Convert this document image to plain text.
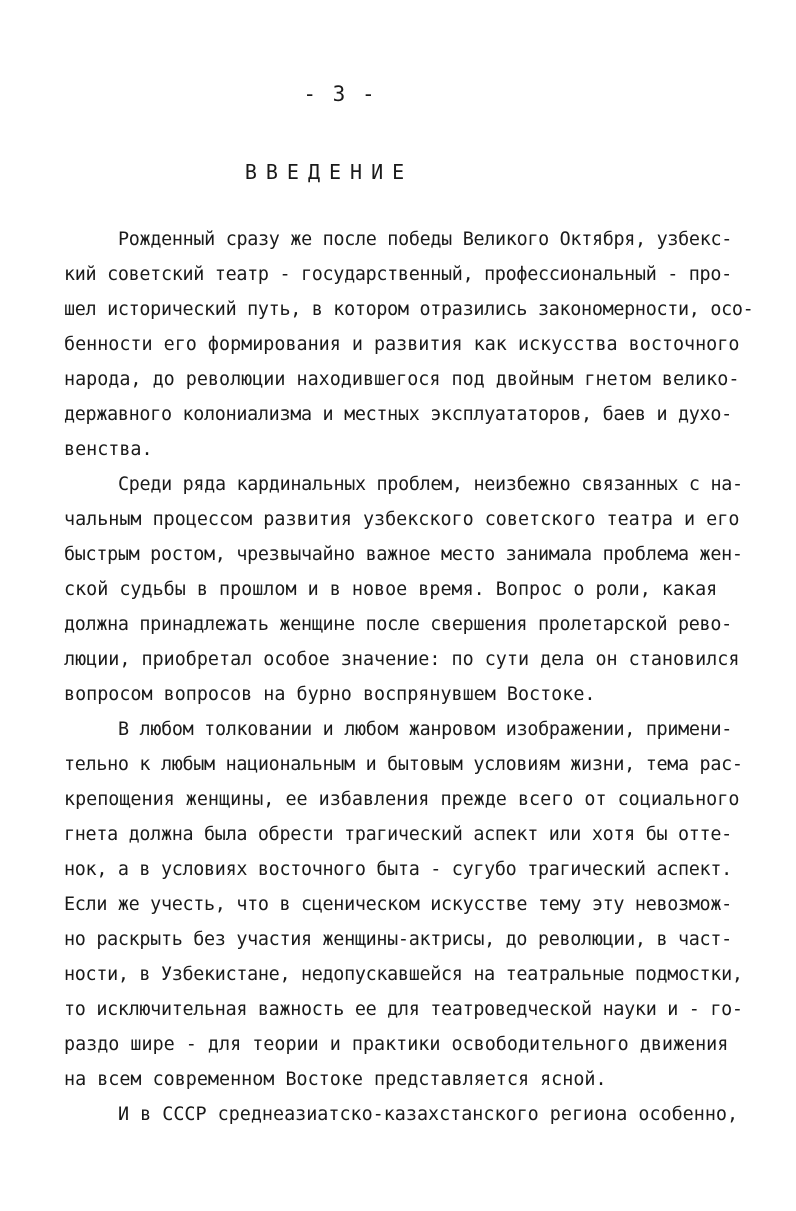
- 3 -
ВВЕДЕНИЕ
Рожденный сразу же после победы Великого Октября, узбекс-
кий советский театр - государственный, профессиональный - про-
шел исторический путь, в котором отразились закономерности, осо-
бенности его формирования и развития как искусства восточного
народа, до революции находившегося под двойным гнетом велико-
державного колониализма и местных эксплуататоров, баев и духо-
венства.
Среди ряда кардинальных проблем, неизбежно связанных с на-
чальным процессом развития узбекского советского театра и его
быстрым ростом, чрезвычайно важное место занимала проблема жен-
ской судьбы в прошлом и в новое время. Вопрос о роли, какая
должна принадлежать женщине после свершения пролетарской рево-
люции, приобретал особое значение: по сути дела он становился
вопросом вопросов на бурно воспрянувшем Востоке.
В любом толковании и любом жанровом изображении, примени-
тельно к любым национальным и бытовым условиям жизни, тема рас-
крепощения женщины, ее избавления прежде всего от социального
гнета должна была обрести трагический аспект или хотя бы отте-
нок, а в условиях восточного быта - сугубо трагический аспект.
Если же учесть, что в сценическом искусстве тему эту невозмож-
но раскрыть без участия женщины-актрисы, до революции, в част-
ности, в Узбекистане, недопускавшейся на театральные подмостки,
то исключительная важность ее для театроведческой науки и - го-
раздо шире - для теории и практики освободительного движения
на всем современном Востоке представляется ясной.
И в СССР среднеазиатско-казахстанского региона особенно,
